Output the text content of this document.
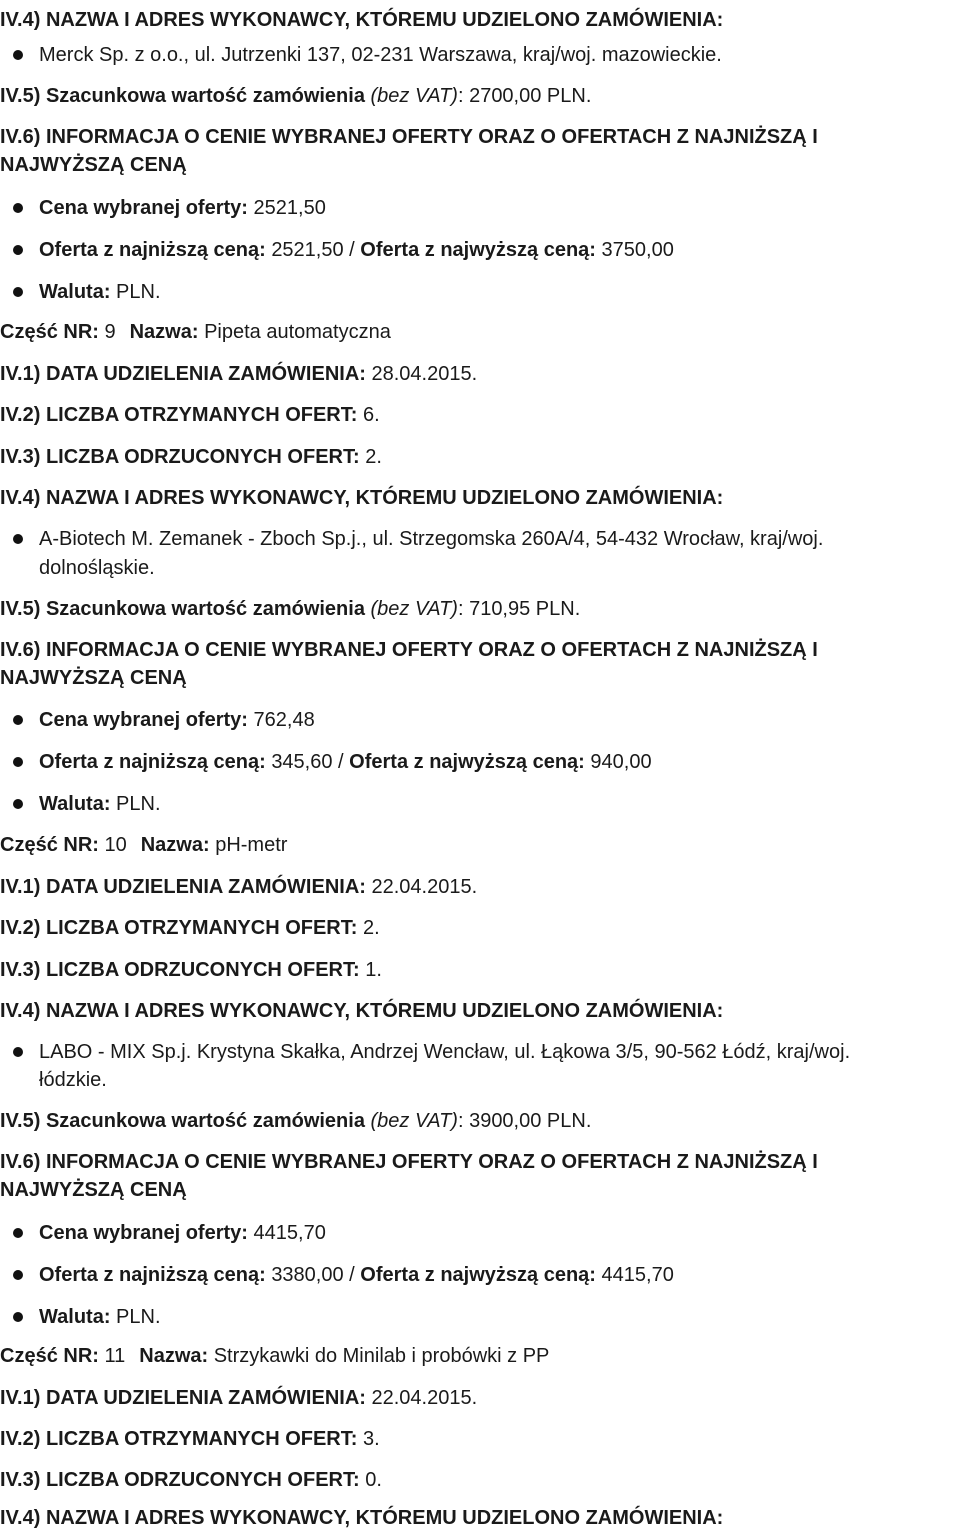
IV.4) NAZWA I ADRES WYKONAWCY, KTÓREMU UDZIELONO ZAMÓWIENIA:
Merck Sp. z o.o., ul. Jutrzenki 137, 02-231 Warszawa, kraj/woj. mazowieckie.
IV.5) Szacunkowa wartość zamówienia (bez VAT): 2700,00 PLN.
IV.6) INFORMACJA O CENIE WYBRANEJ OFERTY ORAZ O OFERTACH Z NAJNIŻSZĄ I
NAJWYŻSZĄ CENĄ
Cena wybranej oferty: 2521,50
Oferta z najniższą ceną: 2521,50 / Oferta z najwyższą ceną: 3750,00
Waluta: PLN.
Część NR: 9 Nazwa: Pipeta automatyczna
IV.1) DATA UDZIELENIA ZAMÓWIENIA: 28.04.2015.
IV.2) LICZBA OTRZYMANYCH OFERT: 6.
IV.3) LICZBA ODRZUCONYCH OFERT: 2.
IV.4) NAZWA I ADRES WYKONAWCY, KTÓREMU UDZIELONO ZAMÓWIENIA:
A-Biotech M. Zemanek - Zboch Sp.j., ul. Strzegomska 260A/4, 54-432 Wrocław, kraj/woj.
dolnośląskie.
IV.5) Szacunkowa wartość zamówienia (bez VAT): 710,95 PLN.
IV.6) INFORMACJA O CENIE WYBRANEJ OFERTY ORAZ O OFERTACH Z NAJNIŻSZĄ I
NAJWYŻSZĄ CENĄ
Cena wybranej oferty: 762,48
Oferta z najniższą ceną: 345,60 / Oferta z najwyższą ceną: 940,00
Waluta: PLN.
Część NR: 10 Nazwa: pH-metr
IV.1) DATA UDZIELENIA ZAMÓWIENIA: 22.04.2015.
IV.2) LICZBA OTRZYMANYCH OFERT: 2.
IV.3) LICZBA ODRZUCONYCH OFERT: 1.
IV.4) NAZWA I ADRES WYKONAWCY, KTÓREMU UDZIELONO ZAMÓWIENIA:
LABO - MIX Sp.j. Krystyna Skałka, Andrzej Wencław, ul. Łąkowa 3/5, 90-562 Łódź, kraj/woj.
łódzkie.
IV.5) Szacunkowa wartość zamówienia (bez VAT): 3900,00 PLN.
IV.6) INFORMACJA O CENIE WYBRANEJ OFERTY ORAZ O OFERTACH Z NAJNIŻSZĄ I
NAJWYŻSZĄ CENĄ
Cena wybranej oferty: 4415,70
Oferta z najniższą ceną: 3380,00 / Oferta z najwyższą ceną: 4415,70
Waluta: PLN.
Część NR: 11 Nazwa: Strzykawki do Minilab i probówki z PP
IV.1) DATA UDZIELENIA ZAMÓWIENIA: 22.04.2015.
IV.2) LICZBA OTRZYMANYCH OFERT: 3.
IV.3) LICZBA ODRZUCONYCH OFERT: 0.
IV.4) NAZWA I ADRES WYKONAWCY, KTÓREMU UDZIELONO ZAMÓWIENIA:
